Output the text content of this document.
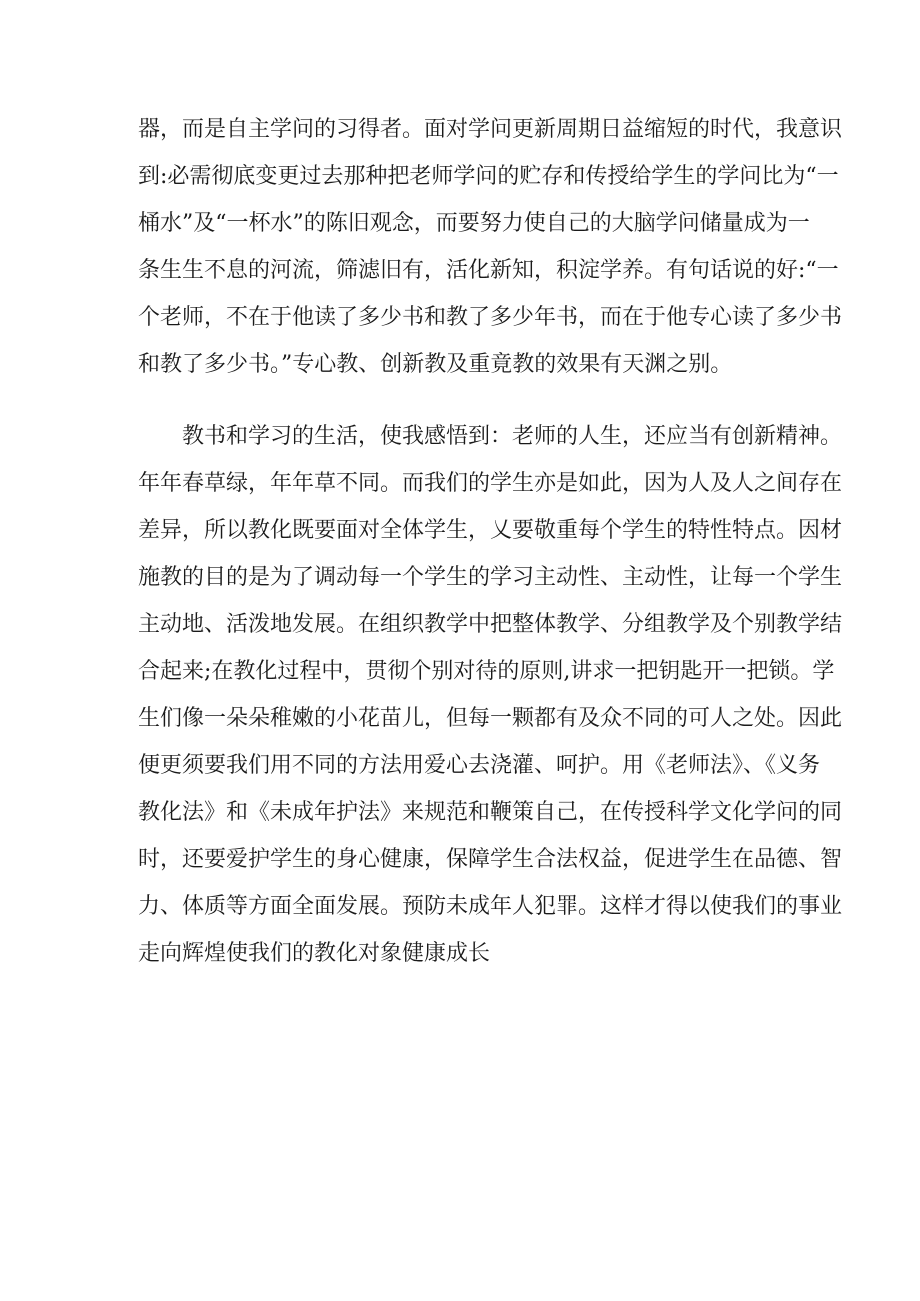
器，而是自主学问的习得者。面对学问更新周期日益缩短的时代，我意识
到:必需彻底变更过去那种把老师学问的贮存和传授给学生的学问比为“一
桶水”及“一杯水”的陈旧观念，而要努力使自己的大脑学问储量成为一
条生生不息的河流，筛滤旧有，活化新知，积淀学养。有句话说的好:“一
个老师，不在于他读了多少书和教了多少年书，而在于他专心读了多少书
和教了多少书。”专心教、创新教及重竟教的效果有天渊之别。
教书和学习的生活，使我感悟到：老师的人生，还应当有创新精神。
年年春草绿，年年草不同。而我们的学生亦是如此，因为人及人之间存在
差异，所以教化既要面对全体学生，乂要敬重每个学生的特性特点。因材
施教的目的是为了调动每一个学生的学习主动性、主动性，让每一个学生
主动地、活泼地发展。在组织教学中把整体教学、分组教学及个别教学结
合起来;在教化过程中，贯彻个别对待的原则,讲求一把钥匙开一把锁。学
生们像一朵朵稚嫩的小花苗儿，但每一颗都有及众不同的可人之处。因此
便更须要我们用不同的方法用爱心去浇灌、呵护。用《老师法》、《义务
教化法》和《未成年护法》来规范和鞭策自己，在传授科学文化学问的同
时，还要爱护学生的身心健康，保障学生合法权益，促进学生在品德、智
力、体质等方面全面发展。预防未成年人犯罪。这样才得以使我们的事业
走向辉煌使我们的教化对象健康成长
